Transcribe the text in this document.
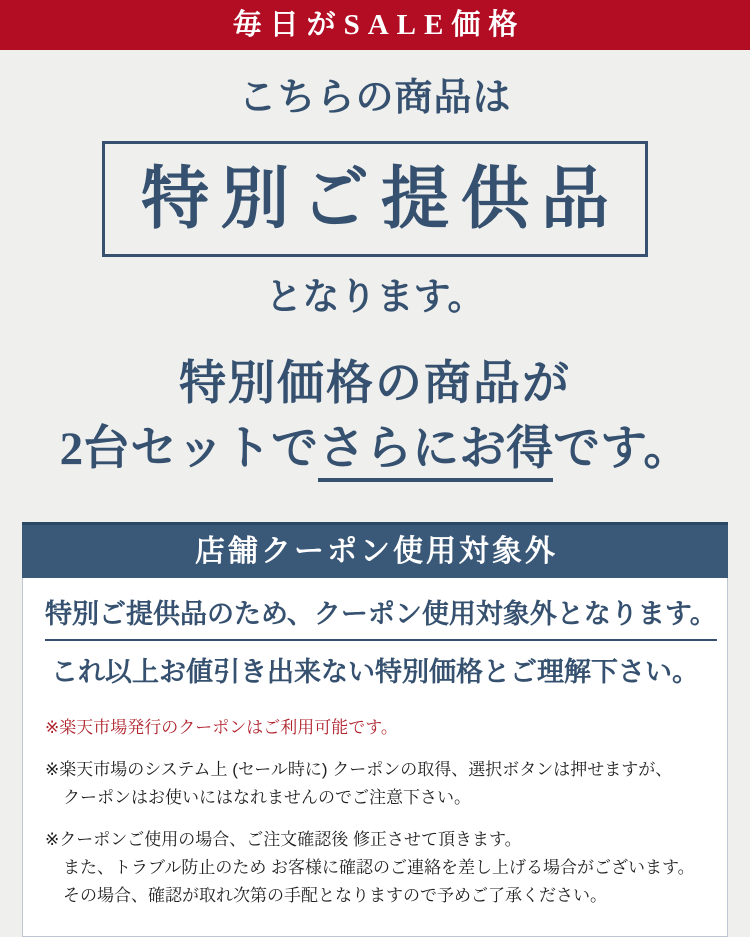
毎日がSALE価格
こちらの商品は
特別ご提供品
となります。
特別価格の商品が
2台セットでさらにお得です。
店舗クーポン使用対象外
特別ご提供品のため、クーポン使用対象外となります。
これ以上お値引き出来ない特別価格とご理解下さい。
※楽天市場発行のクーポンはご利用可能です。
※楽天市場のシステム上 (セール時に) クーポンの取得、選択ボタンは押せますが、
クーポンはお使いにはなれませんのでご注意下さい。
※クーポンご使用の場合、ご注文確認後 修正させて頂きます。
また、トラブル防止のため お客様に確認のご連絡を差し上げる場合がございます。
その場合、確認が取れ次第の手配となりますので予めご了承ください。
